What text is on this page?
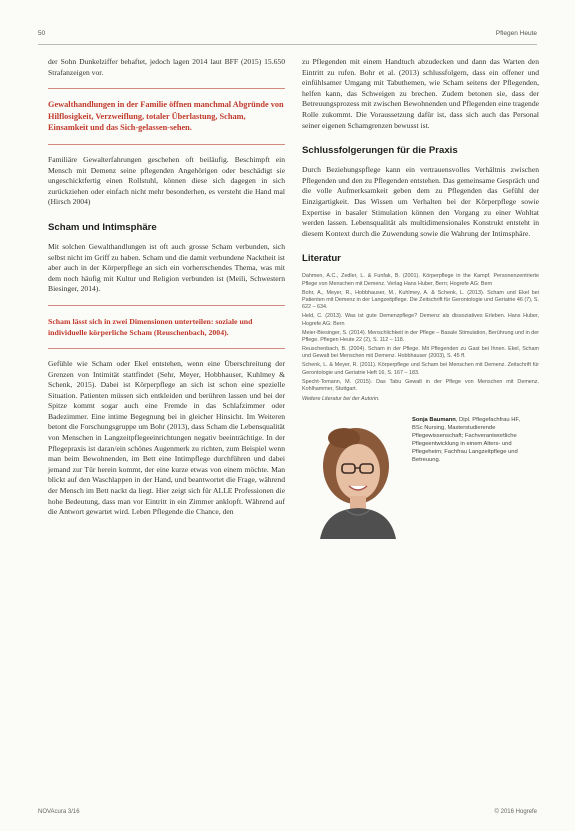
50	Pflegen Heute

der Sohn Dunkelziffer behaftet, jedoch lagen 2014 laut BFF (2015) 15.650 Strafanzeigen vor.

Gewalthandlungen in der Familie öffnen manchmal Abgründe von Hilflosigkeit, Verzweiflung, totaler Überlastung, Scham, Einsamkeit und das Sich-gelassen-sehen.

Familiäre Gewalterfahrungen geschehen oft beiläufig. Beschimpft ein Mensch mit Demenz seine pflegenden Angehörigen oder beschädigt sie ungeschicktfertig einen Rollstuhl, können diese sich dagegen in sich zurückziehen oder einfach nicht mehr besonderhen, es versteht die Hand mal (Hirsch 2004)

Scham und Intimsphäre

Mit solchen Gewalthandlungen ist oft auch grosse Scham verbunden, sich selbst nicht im Griff zu haben. Scham und die damit verbundene Nacktheit ist aber auch in der Körperpflege an sich ein vorherrschendes Thema, was mit dem noch häufig mit Kultur und Religion verbunden ist (Meili, Schwestern Biesinger, 2014).

Scham lässt sich in zwei Dimensionen unterteilen: soziale und individuelle körperliche Scham (Reuschenbach, 2004).

Gefühle wie Scham oder Ekel entstehen, wenn eine Überschreitung der Grenzen von Intimität stattfindet (Sehr, Meyer, Hobbhauser, Kuhlmey & Schenk, 2015). Dabei ist Körperpflege an sich ist schon eine spezielle Situation. Patienten müssen sich entkleiden und berühren lassen und bei der Spitze kommt sogar auch eine Fremde in das Schlafzimmer oder Badezimmer. Eine intime Begegnung bei in gleicher Hinsicht. Im Weiteren betont die Forschungsgruppe um Bohr (2013), dass Scham die Lebensqualität von Menschen in Langzeitpflegeeinrichtungen negativ beeinträchtige. In der Pflegepraxis ist daran/ein schönes Augenmerk zu richten, zum Beispiel wenn man beim Bewohnenden, im Bett eine Intimpflege durchführen und dabei jemand zur Tür herein kommt, der eine kurze etwas von einem möchte. Man blickt auf den Waschlappen in der Hand, und beantwortet die Frage, während der Mensch im Bett nackt da liegt. Hier zeigt sich für ALLE Professionen die hohe Bedeutung, dass man vor Eintritt in ein Zimmer anklopft. Während auf die Antwort gewartet wird. Leben Pflegende die Chance, den

zu Pflegenden mit einem Handtuch abzudecken und dann das Warten den Eintritt zu rufen. Bohr et al. (2013) schlussfolgern, dass ein offener und einfühlsamer Umgang mit Tabuthemen, wie Scham seitens der Pflegenden, helfen kann, das Schweigen zu brechen. Zudem betonen sie, dass der Betreuungsprozess mit zwischen Bewohnenden und Pflegenden eine tragende Rolle zukommt. Die Voraussetzung dafür ist, dass sich auch das Personal seiner eigenen Schamgrenzen bewusst ist.

Schlussfolgerungen für die Praxis

Durch Beziehungspflege kann ein vertrauensvolles Verhältnis zwischen Pflegenden und den zu Pflegenden entstehen. Das gemeinsame Gespräch und die volle Aufmerksamkeit geben dem zu Pflegenden das Gefühl der Einzigartigkeit. Das Wissen um Verhalten bei der Körperpflege sowie Expertise in basaler Stimulation können den Vorgang zu einer Wohltat werden lassen. Lebensqualität als multidimensionales Konstrukt entsteht in diesem Kontext durch die Zuwendung sowie die Wahrung der Intimsphäre.

Literatur
Dahmen, A.C., Zedler, L. & Funfak, B. (2001). Körperpflege in the Kampf. Personenzentrierte Pflege von Menschen mit Demenz. Verlag Hans Huber, Bern; Hogrefe AG: Bern
Bohr, A., Meyer, R., Hobbhauser, M., Kuhlmey, A. & Schenk, L. (2013). Scham und Ekel bei Patienten mit Demenz in der Langzeitpflege. Die Zeitschrift für Gerontologie und Geriatrie 46 (7), S. 622 – 634.
Held, C. (2013). Was ist gute Demenzpflege? Demenz als dissoziatives Erleben. Hans Huber, Hogrefe AG: Bern
Meier-Biesinger, S. (2014). Menschlichkeit in der Pflege – Basale Stimulation, Berührung und in der Pflege. Pflegen Heute 22 (2), S. 112 – 118.
Reuschenbach, B. (2004). Scham in der Pflege. Mit Pflegenden zu Gast bei Ihnen. Ekel, Scham und Gewalt bei Menschen mit Demenz. Hobbhauser (2003), S. 45 ff.
Schenk, L. & Meyer, R. (2011). Körperpflege und Scham bei Menschen mit Demenz. Zeitschrift für Gerontologie und Geriatrie Heft 16, S. 167 – 183.
Specht-Tomann, M. (2015). Das Tabu Gewalt in der Pflege von Menschen mit Demenz. Kohlhammer, Stuttgart.
Weitere Literatur bei der Autorin.
Sonja Baumann, Dipl. Pflegefachfrau HF, BSc Nursing, Masterstudierende Pflegewissenschaft; Fachverantwortliche Pflegeentwicklung in einem Alters- und Pflegeheim; Fachfrau Langzeitpflege und Betreuung.
NOVAcura 3/16	© 2016 Hogrefe
